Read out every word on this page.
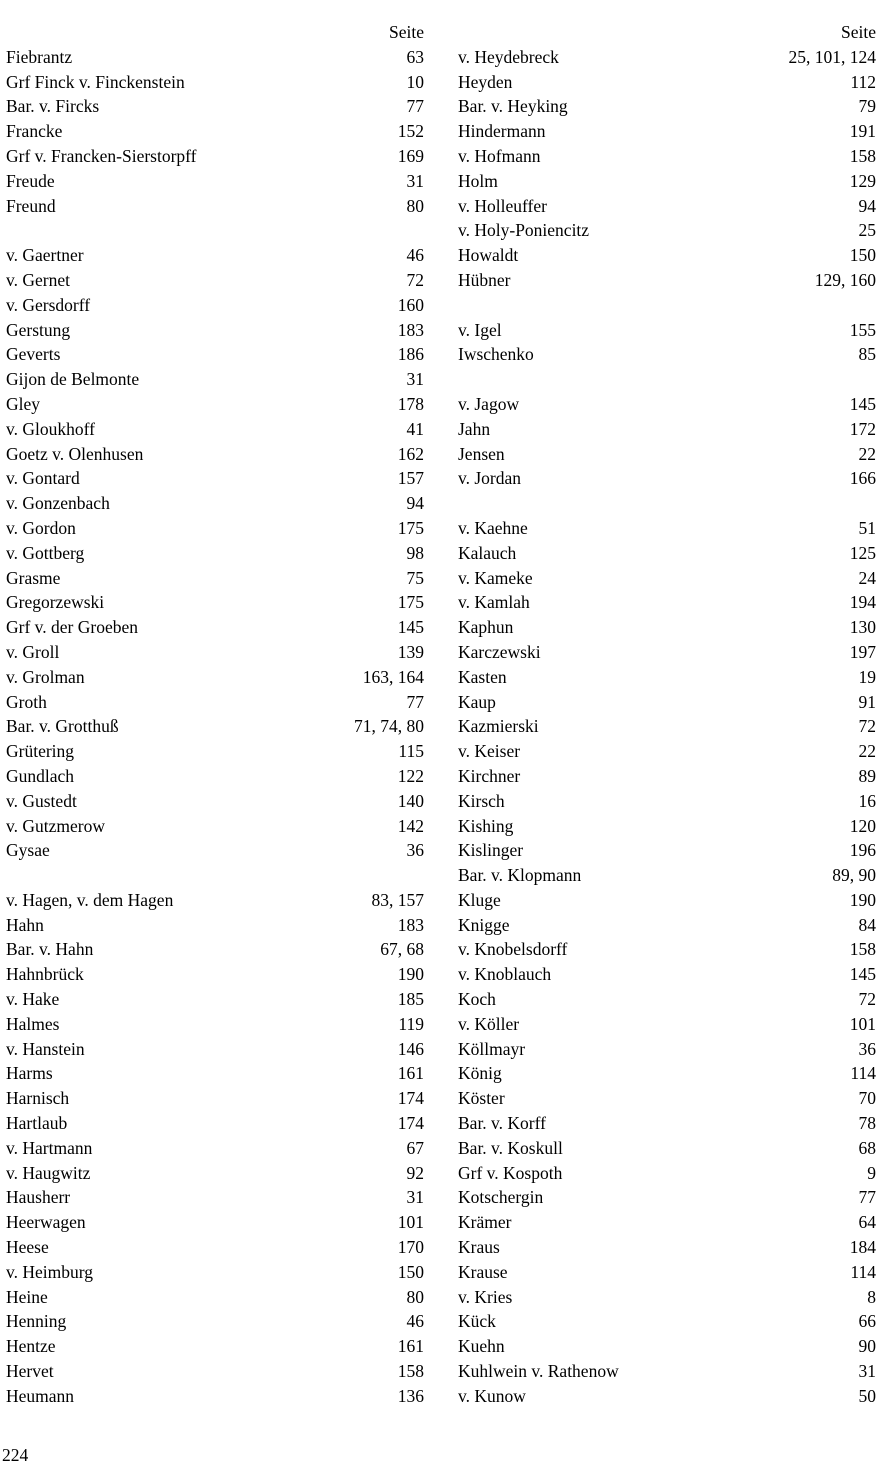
Seite
Fiebrantz	63
Grf Finck v. Finckenstein	10
Bar. v. Fircks	77
Francke	152
Grf v. Francken-Sierstorpff	169
Freude	31
Freund	80
v. Gaertner	46
v. Gernet	72
v. Gersdorff	160
Gerstung	183
Geverts	186
Gijon de Belmonte	31
Gley	178
v. Gloukhoff	41
Goetz v. Olenhusen	162
v. Gontard	157
v. Gonzenbach	94
v. Gordon	175
v. Gottberg	98
Grasme	75
Gregorzewski	175
Grf v. der Groeben	145
v. Groll	139
v. Grolman	163, 164
Groth	77
Bar. v. Grotthuß	71, 74, 80
Grütering	115
Gundlach	122
v. Gustedt	140
v. Gutzmerow	142
Gysae	36
v. Hagen, v. dem Hagen	83, 157
Hahn	183
Bar. v. Hahn	67, 68
Hahnbrück	190
v. Hake	185
Halmes	119
v. Hanstein	146
Harms	161
Harnisch	174
Hartlaub	174
v. Hartmann	67
v. Haugwitz	92
Hausherr	31
Heerwagen	101
Heese	170
v. Heimburg	150
Heine	80
Henning	46
Hentze	161
Hervet	158
Heumann	136
Seite
v. Heydebreck	25, 101, 124
Heyden	112
Bar. v. Heyking	79
Hindermann	191
v. Hofmann	158
Holm	129
v. Holleuffer	94
v. Holy-Poniencitz	25
Howaldt	150
Hübner	129, 160
v. Igel	155
Iwschenko	85
v. Jagow	145
Jahn	172
Jensen	22
v. Jordan	166
v. Kaehne	51
Kalauch	125
v. Kameke	24
v. Kamlah	194
Kaphun	130
Karczewski	197
Kasten	19
Kaup	91
Kazmierski	72
v. Keiser	22
Kirchner	89
Kirsch	16
Kishing	120
Kislinger	196
Bar. v. Klopmann	89, 90
Kluge	190
Knigge	84
v. Knobelsdorff	158
v. Knoblauch	145
Koch	72
v. Köller	101
Köllmayr	36
König	114
Köster	70
Bar. v. Korff	78
Bar. v. Koskull	68
Grf v. Kospoth	9
Kotschergin	77
Krämer	64
Kraus	184
Krause	114
v. Kries	8
Kück	66
Kuehn	90
Kuhlwein v. Rathenow	31
v. Kunow	50
224
